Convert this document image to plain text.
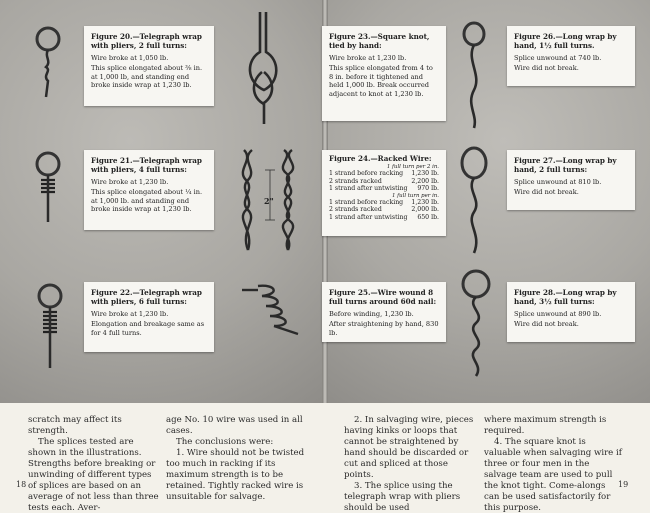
2"
Figure 20.—Telegraph wrap with pliers, 2 full turns:
Wire broke at 1,050 lb.
This splice elongated about ⅜ in. at 1,000 lb, and standing end broke inside wrap at 1,230 lb.
Figure 21.—Telegraph wrap with pliers, 4 full turns:
Wire broke at 1,230 lb.
This splice elongated about ¼ in. at 1,000 lb. and standing end broke inside wrap at 1,230 lb.
Figure 22.—Telegraph wrap with pliers, 6 full turns:
Wire broke at 1,230 lb.
Elongation and breakage same as for 4 full turns.
Figure 23.—Square knot, tied by hand:
Wire broke at 1,230 lb.
This splice elongated from 4 to 8 in. before it tightened and held 1,000 lb. Break occurred adjacent to knot at 1,230 lb.
Figure 24.—Racked Wire:
1 full turn per 2 in.
1 strand before racking 1,230 lb.
2 strands racked	2,200 lb.
1 strand after untwisting 970 lb.
1 full turn per in.
1 strand before racking 1,230 lb.
2 strands racked	2,000 lb.
1 strand after untwisting 650 lb.
Figure 25.—Wire wound 8 full turns around 60d nail:
Before winding, 1,230 lb.
After straightening by hand, 830 lb.
Figure 26.—Long wrap by hand, 1½ full turns.
Splice unwound at 740 lb.
Wire did not break.
Figure 27.—Long wrap by hand, 2 full turns:
Splice unwound at 810 lb.
Wire did not break.
Figure 28.—Long wrap by hand, 3½ full turns:
Splice unwound at 890 lb.
Wire did not break.

scratch may affect its strength.

The splices tested are shown in the illustrations. Strengths before breaking or unwinding of different types of splices are based on an average of not less than three tests each. Aver-

age No. 10 wire was used in all cases.

The conclusions were:

1. Wire should not be twisted too much in racking if its maximum strength is to be retained. Tightly racked wire is unsuitable for salvage.

2. In salvaging wire, pieces having kinks or loops that cannot be straightened by hand should be discarded or cut and spliced at those points.

3. The splice using the telegraph wrap with pliers should be used

where maximum strength is required.

4. The square knot is valuable when salvaging wire if three or four men in the salvage team are used to pull the knot tight. Come-alongs can be used satisfactorily for this purpose.

18	19
